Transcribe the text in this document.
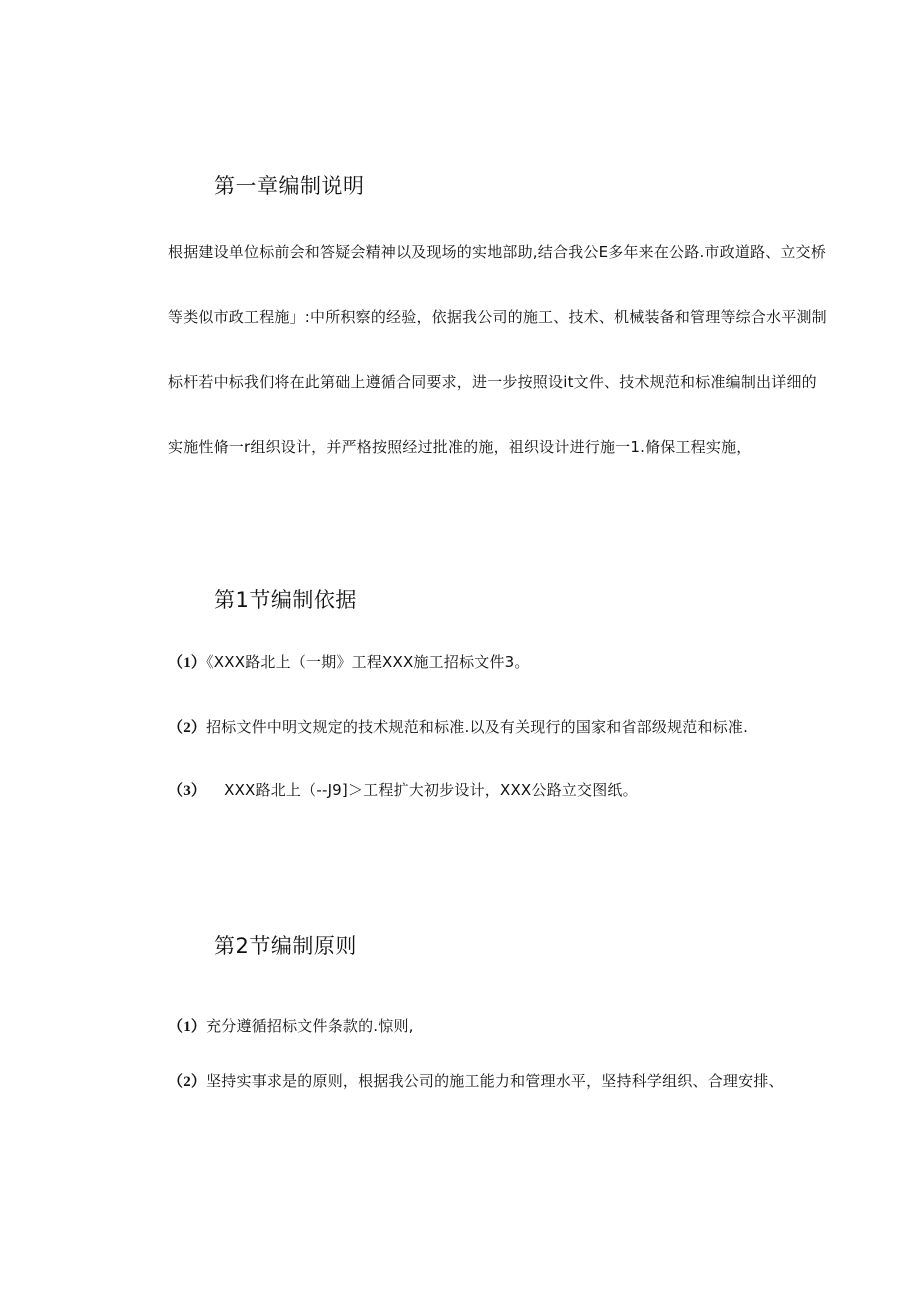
第一章编制说明

根据建设单位标前会和答疑会精神以及现场的实地部助,结合我公E多年来在公路.市政道路、立交桥

等类似市政工程施」:中所积察的经验，依据我公司的施工、技术、机械装备和管理等综合水平測制

标杆若中标我们将在此第础上遵循合同要求，进一步按照设it文件、技术规范和标准编制出详细的

实施性脩一r组织设计，并严格按照经过批准的施，祖织设计进行施一1.脩保工程实施，

第1节编制依据

（1）《XXX路北上（一期》工程XXX施工招标文件3。

（2）招标文件中明文规定的技术规范和标准.以及有关现行的国家和省部级规范和标准.

（3） XXX路北上（--J9]＞工程扩大初步设计，XXX公路立交图纸。

第2节编制原则

（1）充分遵循招标文件条款的.惊则,

（2）坚持实事求是的原则，根据我公司的施工能力和管理水平，坚持科学组织、合理安排、
